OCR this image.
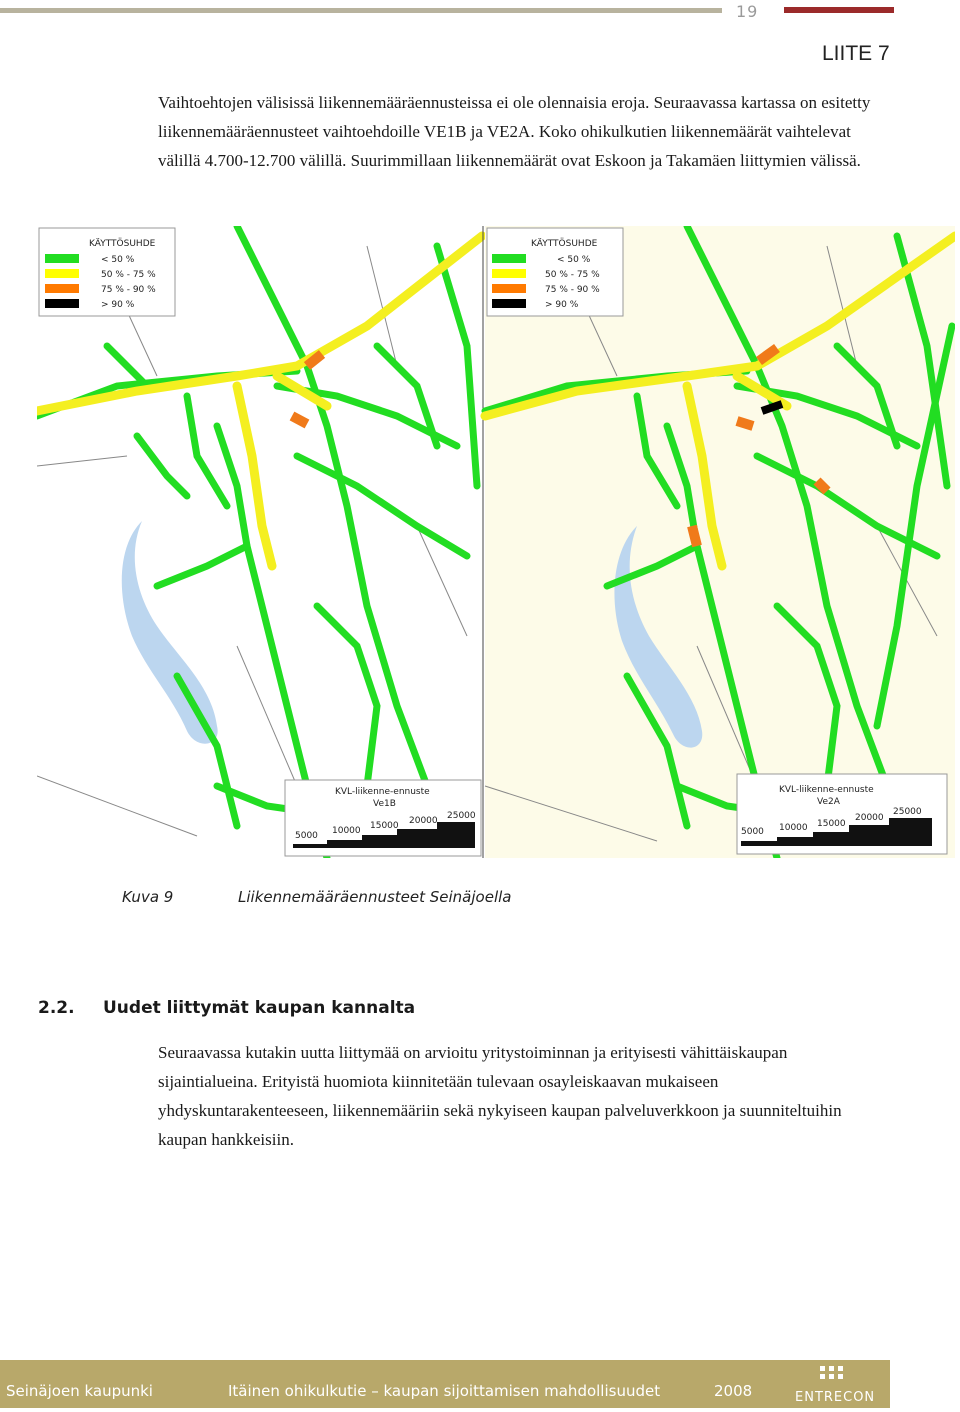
19
LIITE 7

Vaihtoehtojen välisissä liikennemääräennusteissa ei ole olennaisia eroja. Seuraavassa kartassa on esitetty liikennemääräennusteet vaihtoehdoille VE1B ja VE2A. Koko ohikulkutien liikennemäärät vaihtelevat välillä 4.700-12.700 välillä. Suurimmillaan liikennemäärät ovat Eskoon ja Takamäen liittymien välissä.

KÄYTTÖSUHDE
< 50 %
50 % - 75 %
75 % - 90 %
> 90 %
KVL-liikenne-ennuste
Ve1B
5000 10000 15000 20000 25000
KÄYTTÖSUHDE
< 50 %
50 % - 75 %
75 % - 90 %
> 90 %
KVL-liikenne-ennuste
Ve2A
5000 10000 15000
20000
25000
Kuva 9	Liikennemääräennusteet Seinäjoella
2.2. Uudet liittymät kaupan kannalta

Seuraavassa kutakin uutta liittymää on arvioitu yritystoiminnan ja erityisesti vähittäiskaupan sijaintialueina. Erityistä huomiota kiinnitetään tulevaan osayleiskaavan mukaiseen yhdyskuntarakenteeseen, liikennemääriin sekä nykyiseen kaupan palveluverkkoon ja suunniteltuihin kaupan hankkeisiin.

Seinäjoen kaupunki	Itäinen ohikulkutie – kaupan sijoittamisen mahdollisuudet	2008	ENTRECON
